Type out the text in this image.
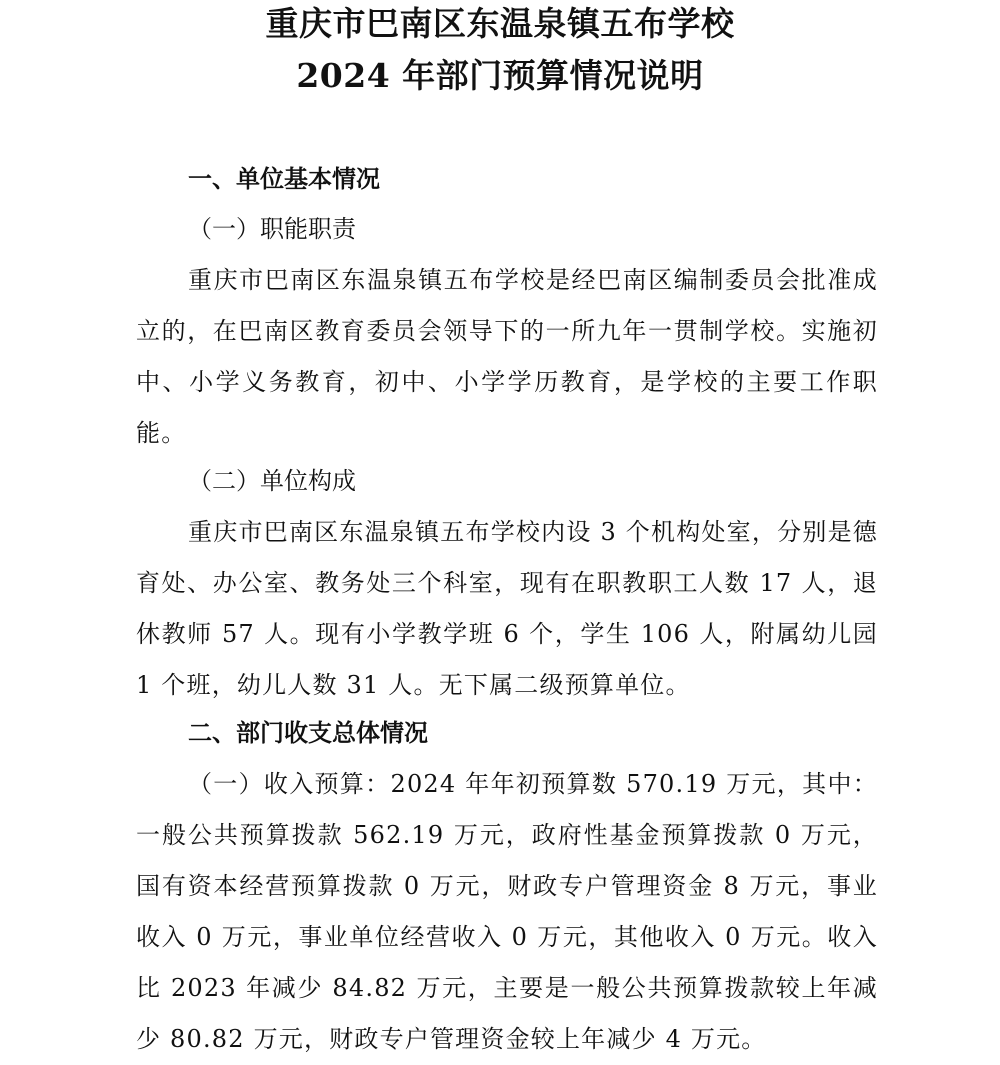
重庆市巴南区东温泉镇五布学校
2024 年部门预算情况说明
一、单位基本情况
（一）职能职责
重庆市巴南区东温泉镇五布学校是经巴南区编制委员会批准成立的，在巴南区教育委员会领导下的一所九年一贯制学校。实施初中、小学义务教育，初中、小学学历教育，是学校的主要工作职能。
（二）单位构成
重庆市巴南区东温泉镇五布学校内设 3 个机构处室，分别是德育处、办公室、教务处三个科室，现有在职教职工人数 17 人，退休教师 57 人。现有小学教学班 6 个，学生 106 人，附属幼儿园 1 个班，幼儿人数 31 人。无下属二级预算单位。
二、部门收支总体情况
（一）收入预算：2024 年年初预算数 570.19 万元，其中：一般公共预算拨款 562.19 万元，政府性基金预算拨款 0 万元，国有资本经营预算拨款 0 万元，财政专户管理资金 8 万元，事业收入 0 万元，事业单位经营收入 0 万元，其他收入 0 万元。收入比 2023 年减少 84.82 万元，主要是一般公共预算拨款较上年减少 80.82 万元，财政专户管理资金较上年减少 4 万元。
